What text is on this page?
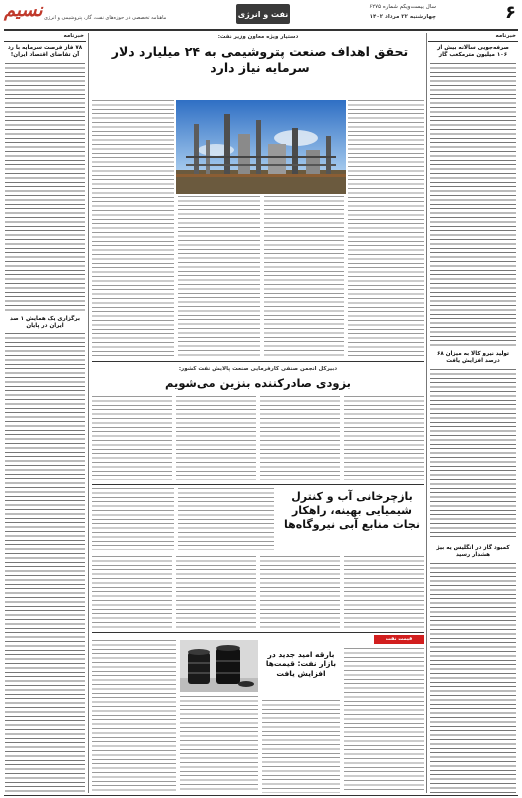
۶
سال بیست‌ویکم شماره ۶۲۷۵
چهارشنبه ۲۲ مرداد ۱۴۰۲
نفت و انرژی
ماهنامه تخصصی در حوزه‌های نفت، گاز، پتروشیمی و انرژی
نسیم
خبر‌نامه
صرفه‌جویی سالانه بیش از ۱۰۶ میلیون متر‌مکعب گاز
تولید نیرو کالا به میزان ۶۸ درصد افزایش یافت
کمبود گاز در انگلیس یه بیژ هشدار رسید
خبر‌نامه
۷۸ فاز فرصت سرمایه با رد آن تقاضای اقتصاد ایران!
برگزاری یک همایش ۱ صد ایران در پایان
دستیار ویژه معاون وزیر نفت:
تحقق اهداف صنعت پتروشیمی به ۲۴ میلیارد دلار سرمایه نیاز دارد
دبیرکل انجمن صنفی کارفرمایی صنعت پالایش نفت کشور:
بزودی صادرکننده بنزین می‌شویم
بازچرخانی آب و کنترل شیمیایی بهینه، راهکار نجات منابع آبی نیروگاه‌ها
قیمت نفت
بارقه امید جدید در بازار نفت: قیمت‌ها افزایش یافت
